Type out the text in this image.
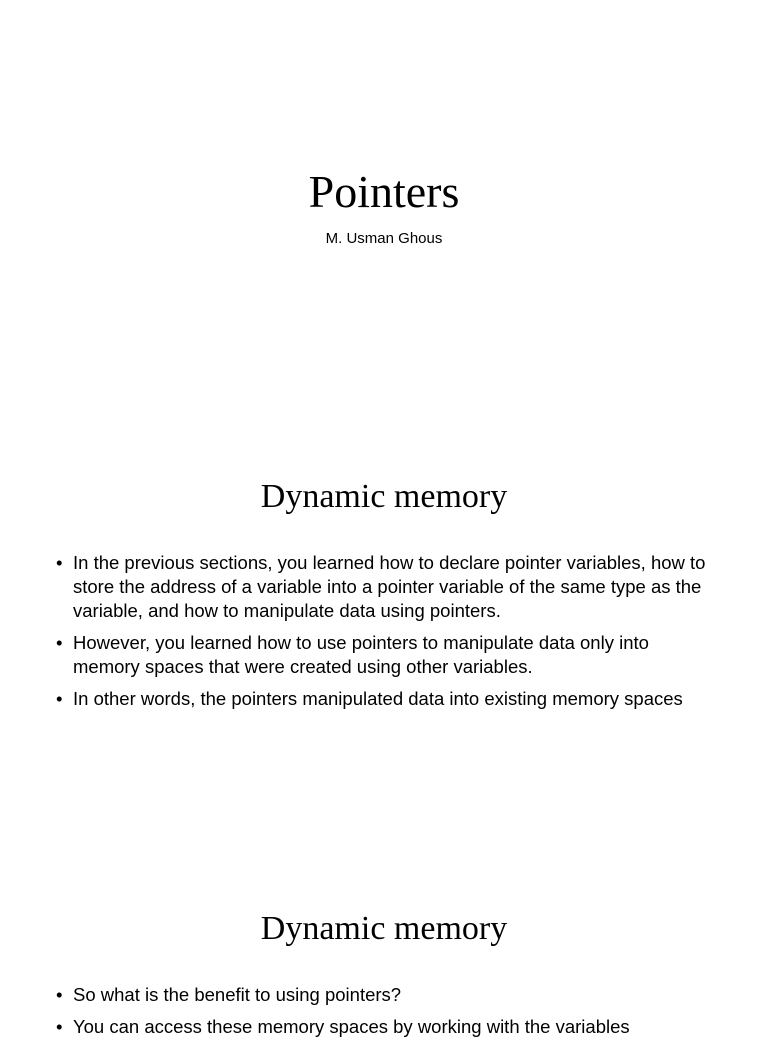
Pointers

M. Usman Ghous

Dynamic memory
• In the previous sections, you learned how to declare pointer variables, how to store the address of a variable into a pointer variable of the same type as the variable, and how to manipulate data using pointers.
• However, you learned how to use pointers to manipulate data only into memory spaces that were created using other variables.
• In other words, the pointers manipulated data into existing memory spaces
Dynamic memory
• So what is the benefit to using pointers?
• You can access these memory spaces by working with the variables
